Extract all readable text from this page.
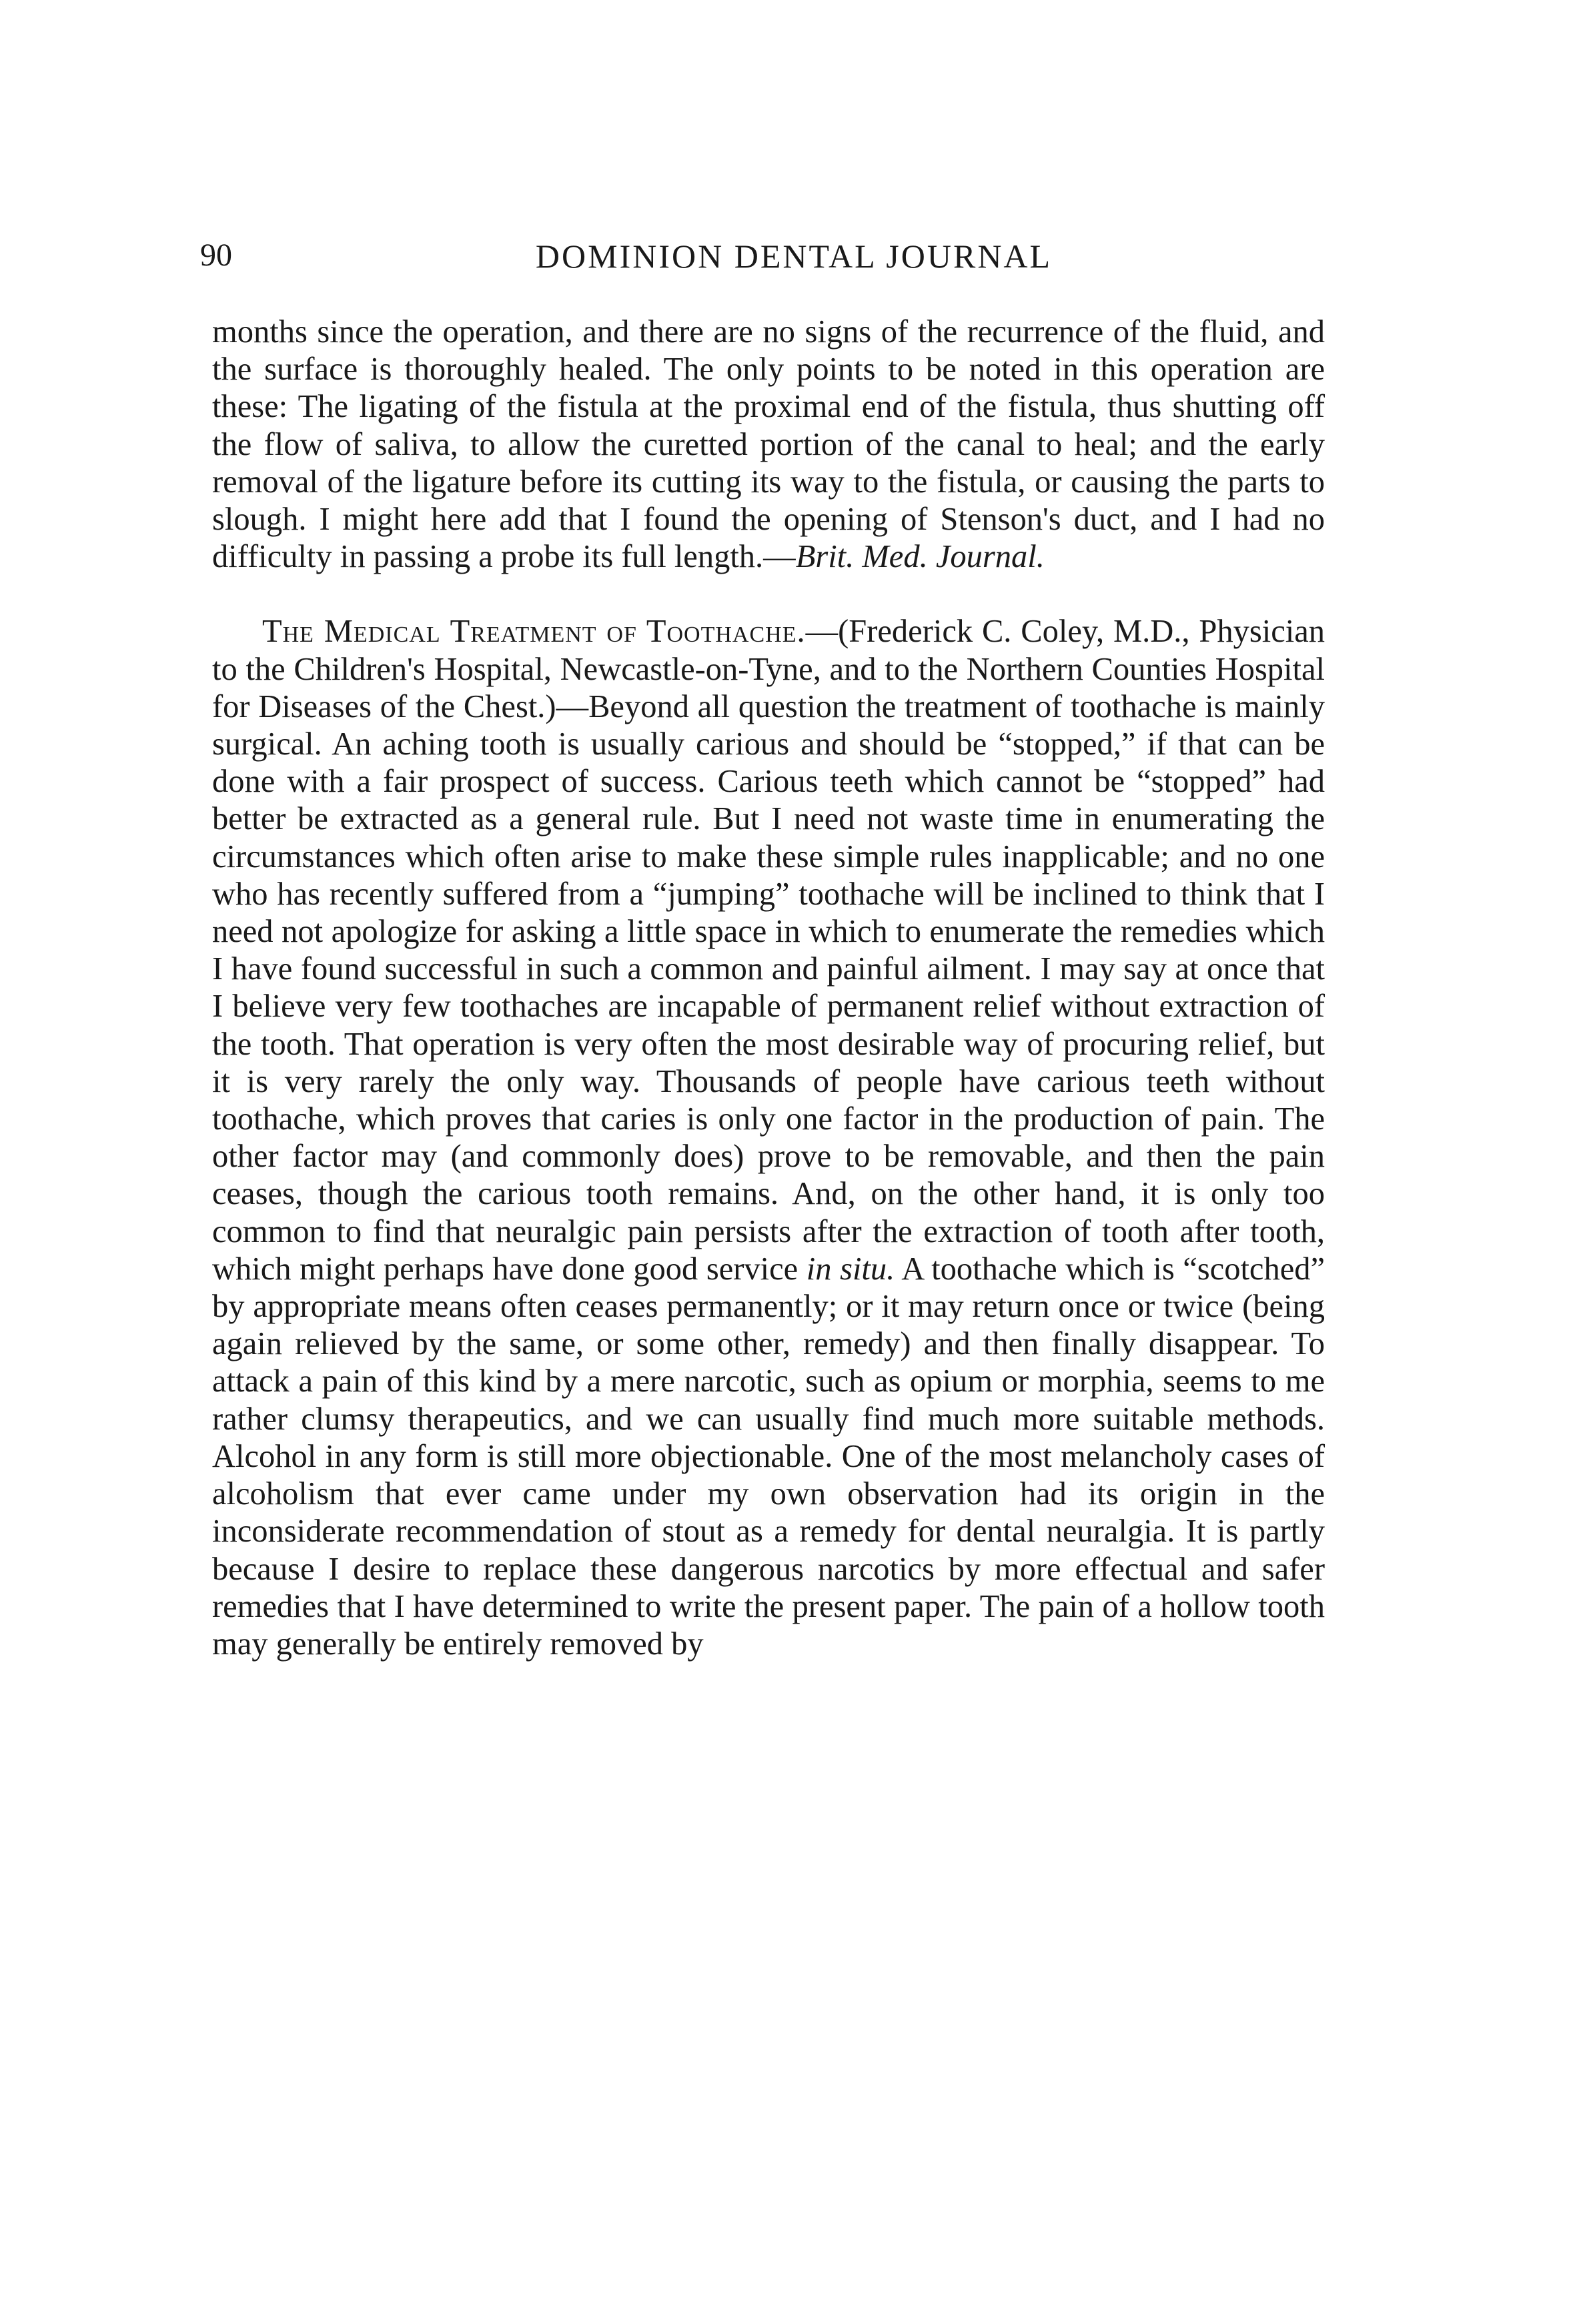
90	DOMINION DENTAL JOURNAL

months since the operation, and there are no signs of the recurrence of the fluid, and the surface is thoroughly healed. The only points to be noted in this operation are these: The ligating of the fistula at the proximal end of the fistula, thus shutting off the flow of saliva, to allow the curetted portion of the canal to heal; and the early removal of the ligature before its cutting its way to the fistula, or causing the parts to slough. I might here add that I found the opening of Stenson's duct, and I had no difficulty in passing a probe its full length.—Brit. Med. Journal.

The Medical Treatment of Toothache.—(Frederick C. Coley, M.D., Physician to the Children's Hospital, Newcastle-on-Tyne, and to the Northern Counties Hospital for Diseases of the Chest.)—Beyond all question the treatment of toothache is mainly surgical. An aching tooth is usually carious and should be “stopped,” if that can be done with a fair prospect of success. Carious teeth which cannot be “stopped” had better be extracted as a general rule. But I need not waste time in enumerating the circumstances which often arise to make these simple rules inapplicable; and no one who has recently suffered from a “jumping” toothache will be inclined to think that I need not apologize for asking a little space in which to enumerate the remedies which I have found successful in such a common and painful ailment. I may say at once that I believe very few toothaches are incapable of permanent relief without extraction of the tooth. That operation is very often the most desirable way of procuring relief, but it is very rarely the only way. Thousands of people have carious teeth without toothache, which proves that caries is only one factor in the production of pain. The other factor may (and commonly does) prove to be removable, and then the pain ceases, though the carious tooth remains. And, on the other hand, it is only too common to find that neuralgic pain persists after the extraction of tooth after tooth, which might perhaps have done good service in situ. A toothache which is “scotched” by appropriate means often ceases permanently; or it may return once or twice (being again relieved by the same, or some other, remedy) and then finally disappear. To attack a pain of this kind by a mere narcotic, such as opium or morphia, seems to me rather clumsy therapeutics, and we can usually find much more suitable methods. Alcohol in any form is still more objectionable. One of the most melancholy cases of alcoholism that ever came under my own observation had its origin in the inconsiderate recommendation of stout as a remedy for dental neuralgia. It is partly because I desire to replace these dangerous narcotics by more effectual and safer remedies that I have determined to write the present paper. The pain of a hollow tooth may generally be entirely removed by
